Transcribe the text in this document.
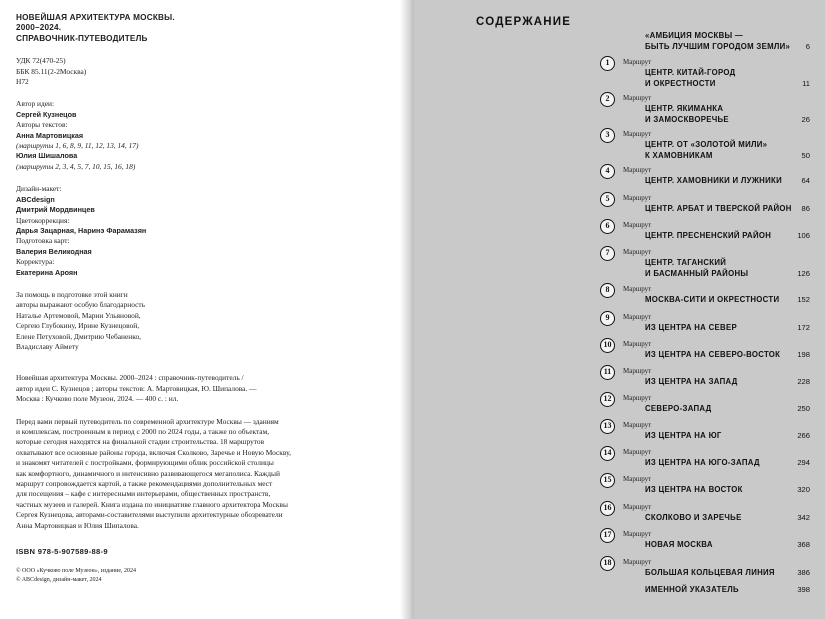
НОВЕЙШАЯ АРХИТЕКТУРА МОСКВЫ.
2000–2024.
СПРАВОЧНИК-ПУТЕВОДИТЕЛЬ
УДК 72(470-25)
ББК 85.11(2-2Москва)
Н72
Автор идеи:
Сергей Кузнецов
Авторы текстов:
Анна Мартовицкая
(маршруты 1, 6, 8, 9, 11, 12, 13, 14, 17)
Юлия Шишалова
(маршруты 2, 3, 4, 5, 7, 10, 15, 16, 18)
Дизайн-макет:
ABCdesign
Дмитрий Мордвинцев
Цветокоррекция:
Дарья Зацарная, Наринэ Фарамазян
Подготовка карт:
Валерия Великодная
Корректура:
Екатерина Ароян
За помощь в подготовке этой книги
авторы выражают особую благодарность
Наталье Артемовой, Марии Ульяновой,
Сергею Глубокину, Ирине Кузнецовой,
Елене Петуховой, Дмитрию Чебаненко,
Владиславу Аймету
Новейшая архитектура Москвы. 2000–2024 : справочник-путеводитель /
автор идеи С. Кузнецов ; авторы текстов: А. Мартовицкая, Ю. Шипалова. —
Москва : Кучково поле Музеон, 2024. — 400 с. : ил.
Перед вами первый путеводитель по современной архитектуре Москвы — зданиям
и комплексам, построенным в период с 2000 по 2024 годы, а также по объектам,
которые сегодня находятся на финальной стадии строительства. 18 маршрутов
охватывают все основные районы города, включая Сколково, Заречье и Новую Москву,
и знакомят читателей с постройками, формирующими облик российской столицы
как комфортного, динамичного и интенсивно развивающегося мегаполиса. Каждый
маршрут сопровождается картой, а также рекомендациями дополнительных мест
для посещения – кафе с интересными интерьерами, общественных пространств,
частных музеев и галерей. Книга издана по инициативе главного архитектора Москвы
Сергея Кузнецова, авторами-составителями выступили архитектурные обозреватели
Анна Мартовицкая и Юлия Шипалова.
ISBN 978-5-907589-88-9
© ООО «Кучково поле Музеон», издание, 2024
© ABCdesign, дизайн-макет, 2024
СОДЕРЖАНИЕ
«АМБИЦИЯ МОСКВЫ —
БЫТЬ ЛУЧШИМ ГОРОДОМ ЗЕМЛИ» 6
1	Маршрут
ЦЕНТР. КИТАЙ-ГОРОД
И ОКРЕСТНОСТИ	11
2	Маршрут
ЦЕНТР. ЯКИМАНКА
И ЗАМОСКВОРЕЧЬЕ	26
3	Маршрут
ЦЕНТР. ОТ «ЗОЛОТОЙ МИЛИ»
К ХАМОВНИКАМ	50
4	Маршрут
ЦЕНТР. ХАМОВНИКИ И ЛУЖНИКИ	64
5	Маршрут
ЦЕНТР. АРБАТ И ТВЕРСКОЙ РАЙОН 86
6	Маршрут
ЦЕНТР. ПРЕСНЕНСКИЙ РАЙОН	106
7	Маршрут
ЦЕНТР. ТАГАНСКИЙ
И БАСМАННЫЙ РАЙОНЫ	126
8	Маршрут
МОСКВА-СИТИ И ОКРЕСТНОСТИ 152
9	Маршрут
ИЗ ЦЕНТРА НА СЕВЕР	172
10	Маршрут
ИЗ ЦЕНТРА НА СЕВЕРО-ВОСТОК 198
11	Маршрут
ИЗ ЦЕНТРА НА ЗАПАД	228
12	Маршрут
СЕВЕРО-ЗАПАД	250
13	Маршрут
ИЗ ЦЕНТРА НА ЮГ	266
14	Маршрут
ИЗ ЦЕНТРА НА ЮГО-ЗАПАД	294
15	Маршрут
ИЗ ЦЕНТРА НА ВОСТОК	320
16	Маршрут
СКОЛКОВО И ЗАРЕЧЬЕ	342
17	Маршрут
НОВАЯ МОСКВА	368
18	Маршрут
БОЛЬШАЯ КОЛЬЦЕВАЯ ЛИНИЯ	386
ИМЕННОЙ УКАЗАТЕЛЬ	398
